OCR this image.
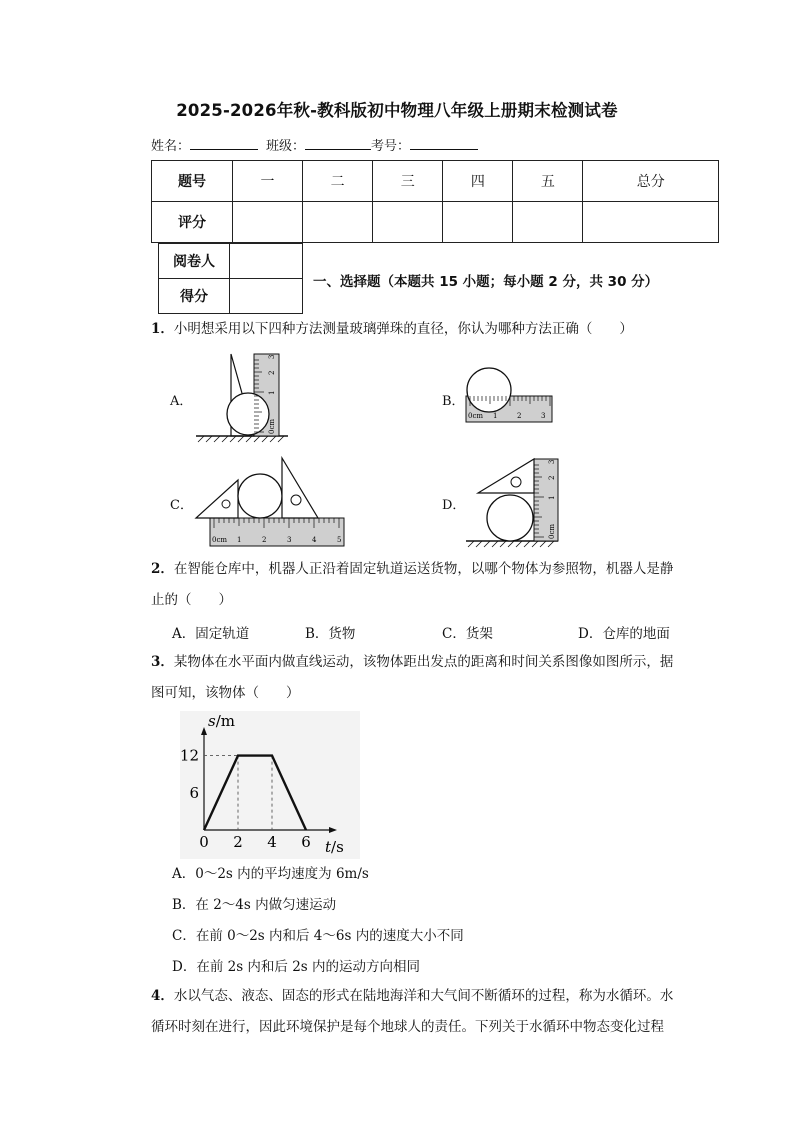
2025-2026年秋-教科版初中物理八年级上册期末检测试卷
姓名：	班级：	考号：
题号	一	二	三	四	五	总分
评分						
阅卷人	
得分	
一、选择题（本题共 15 小题；每小题 2 分，共 30 分）
1．小明想采用以下四种方法测量玻璃弹珠的直径，你认为哪种方法正确（　　）
A．	B．
C．	D．
0cm
1
2
3
0cm 1	2	3
0cm 1	2	3	4	5
0cm
1
2
3
2．在智能仓库中，机器人正沿着固定轨道运送货物，以哪个物体为参照物，机器人是静
止的（　　）
A．固定轨道	B．货物	C．货架	D．仓库的地面
3．某物体在水平面内做直线运动，该物体距出发点的距离和时间关系图像如图所示，据
图可知，该物体（　　）
0 2 4 6
6
12
s/m
t/s
A．0～2s 内的平均速度为 6m/s
B．在 2～4s 内做匀速运动
C．在前 0～2s 内和后 4～6s 内的速度大小不同
D．在前 2s 内和后 2s 内的运动方向相同
4．水以气态、液态、固态的形式在陆地海洋和大气间不断循环的过程，称为水循环。水
循环时刻在进行，因此环境保护是每个地球人的责任。下列关于水循环中物态变化过程
